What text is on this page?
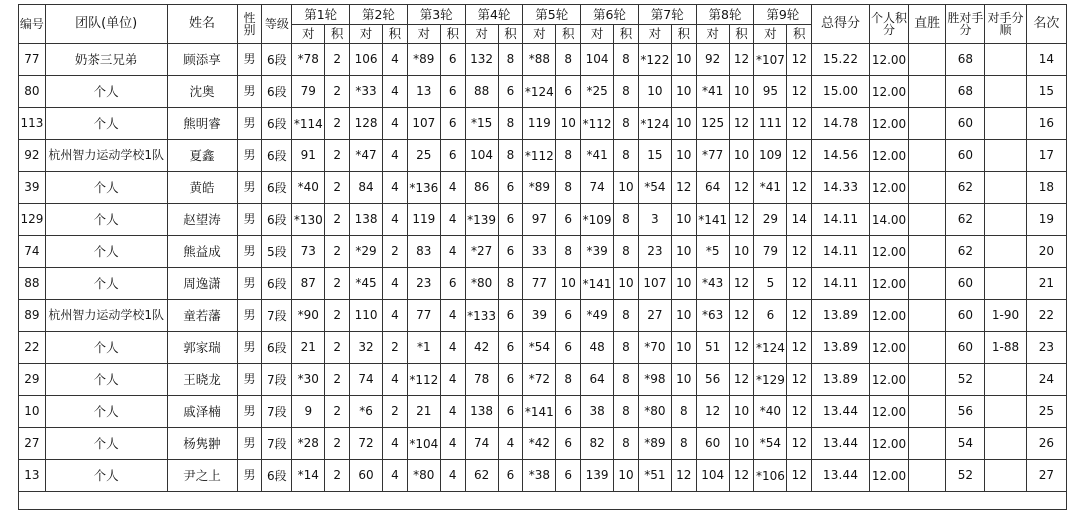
编号	团队(单位)	姓名	性别	等级	第1轮		第2轮		第3轮		第4轮		第5轮		第6轮		第7轮		第8轮		第9轮		总得分	个人积分	直胜	胜对手分	对手分顺	名次
					对	积	对	积	对	积	对	积	对	积	对	积	对	积	对	积	对	积						
77	奶茶三兄弟	顾添享	男	6段	*78	2	106	4	*89	6	132	8	*88	8	104	8	*122	10	92	12	*107	12	15.22	12.00		68		14
80	个人	沈奥	男	6段	79	2	*33	4	13	6	88	6	*124	6	*25	8	10	10	*41	10	95	12	15.00	12.00		68		15
113	个人	熊明睿	男	6段	*114	2	128	4	107	6	*15	8	119	10	*112	8	*124	10	125	12	111	12	14.78	12.00		60		16
92	杭州智力运动学校1队	夏鑫	男	6段	91	2	*47	4	25	6	104	8	*112	8	*41	8	15	10	*77	10	109	12	14.56	12.00		60		17
39	个人	黄皓	男	6段	*40	2	84	4	*136	4	86	6	*89	8	74	10	*54	12	64	12	*41	12	14.33	12.00		62		18
129	个人	赵望涛	男	6段	*130	2	138	4	119	4	*139	6	97	6	*109	8	3	10	*141	12	29	14	14.11	14.00		62		19
74	个人	熊益成	男	5段	73	2	*29	2	83	4	*27	6	33	8	*39	8	23	10	*5	10	79	12	14.11	12.00		62		20
88	个人	周逸潇	男	6段	87	2	*45	4	23	6	*80	8	77	10	*141	10	107	10	*43	12	5	12	14.11	12.00		60		21
89	杭州智力运动学校1队	童若藩	男	7段	*90	2	110	4	77	4	*133	6	39	6	*49	8	27	10	*63	12	6	12	13.89	12.00		60	1-90	22
22	个人	郭家瑞	男	6段	21	2	32	2	*1	4	42	6	*54	6	48	8	*70	10	51	12	*124	12	13.89	12.00		60	1-88	23
29	个人	王晓龙	男	7段	*30	2	74	4	*112	4	78	6	*72	8	64	8	*98	10	56	12	*129	12	13.89	12.00		52		24
10	个人	戚泽楠	男	7段	9	2	*6	2	21	4	138	6	*141	6	38	8	*80	8	12	10	*40	12	13.44	12.00		56		25
27	个人	杨隽翀	男	7段	*28	2	72	4	*104	4	74	4	*42	6	82	8	*89	8	60	10	*54	12	13.44	12.00		54		26
13	个人	尹之上	男	6段	*14	2	60	4	*80	4	62	6	*38	6	139	10	*51	12	104	12	*106	12	13.44	12.00		52		27
